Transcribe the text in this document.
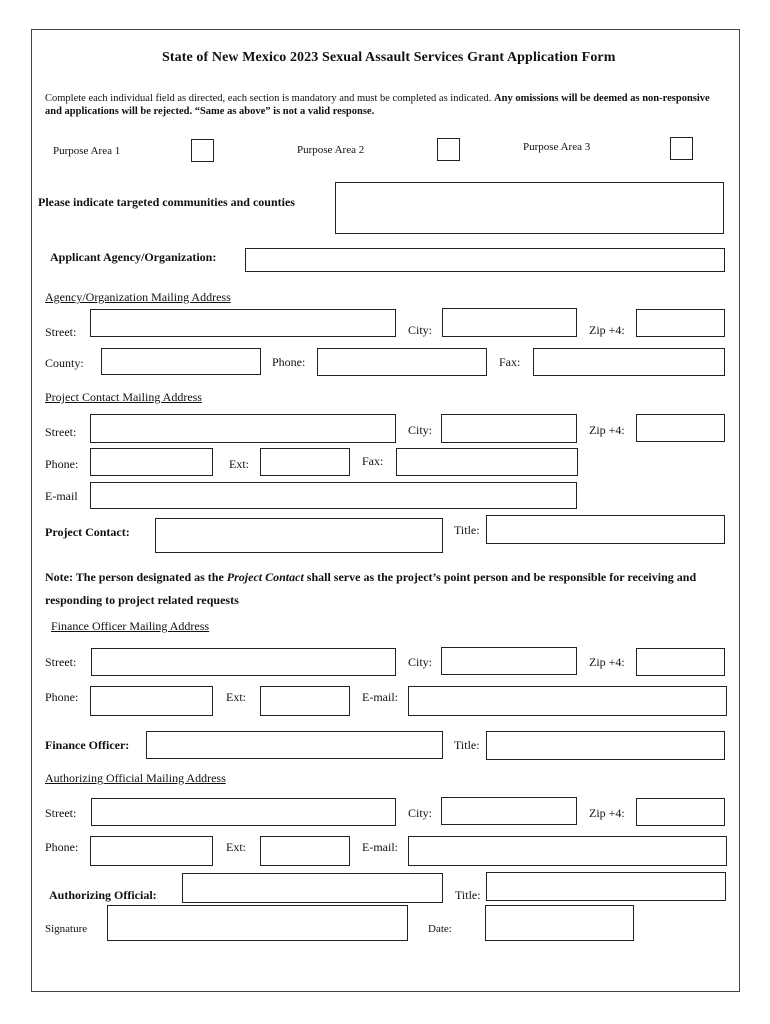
State of New Mexico 2023 Sexual Assault Services Grant Application Form
Complete each individual field as directed, each section is mandatory and must be completed as indicated. Any omissions will be deemed as non-responsive and applications will be rejected. “Same as above” is not a valid response.
Purpose Area 1	Purpose Area 2	Purpose Area 3
Please indicate targeted communities and counties
Applicant Agency/Organization:
Agency/Organization Mailing Address
Street:	City:	Zip +4:
County:	Phone:	Fax:
Project Contact Mailing Address
Street:	City:	Zip +4:
Phone:	Ext:	Fax:
E-mail
Project Contact:	Title:
Note: The person designated as the Project Contact shall serve as the project’s point person and be responsible for receiving and responding to project related requests
Finance Officer Mailing Address
Street:	City:	Zip +4:
Phone:	Ext:	E-mail:
Finance Officer:	Title:
Authorizing Official Mailing Address
Street:	City:	Zip +4:
Phone:	Ext:	E-mail:
Authorizing Official:	Title:
Signature	Date:
